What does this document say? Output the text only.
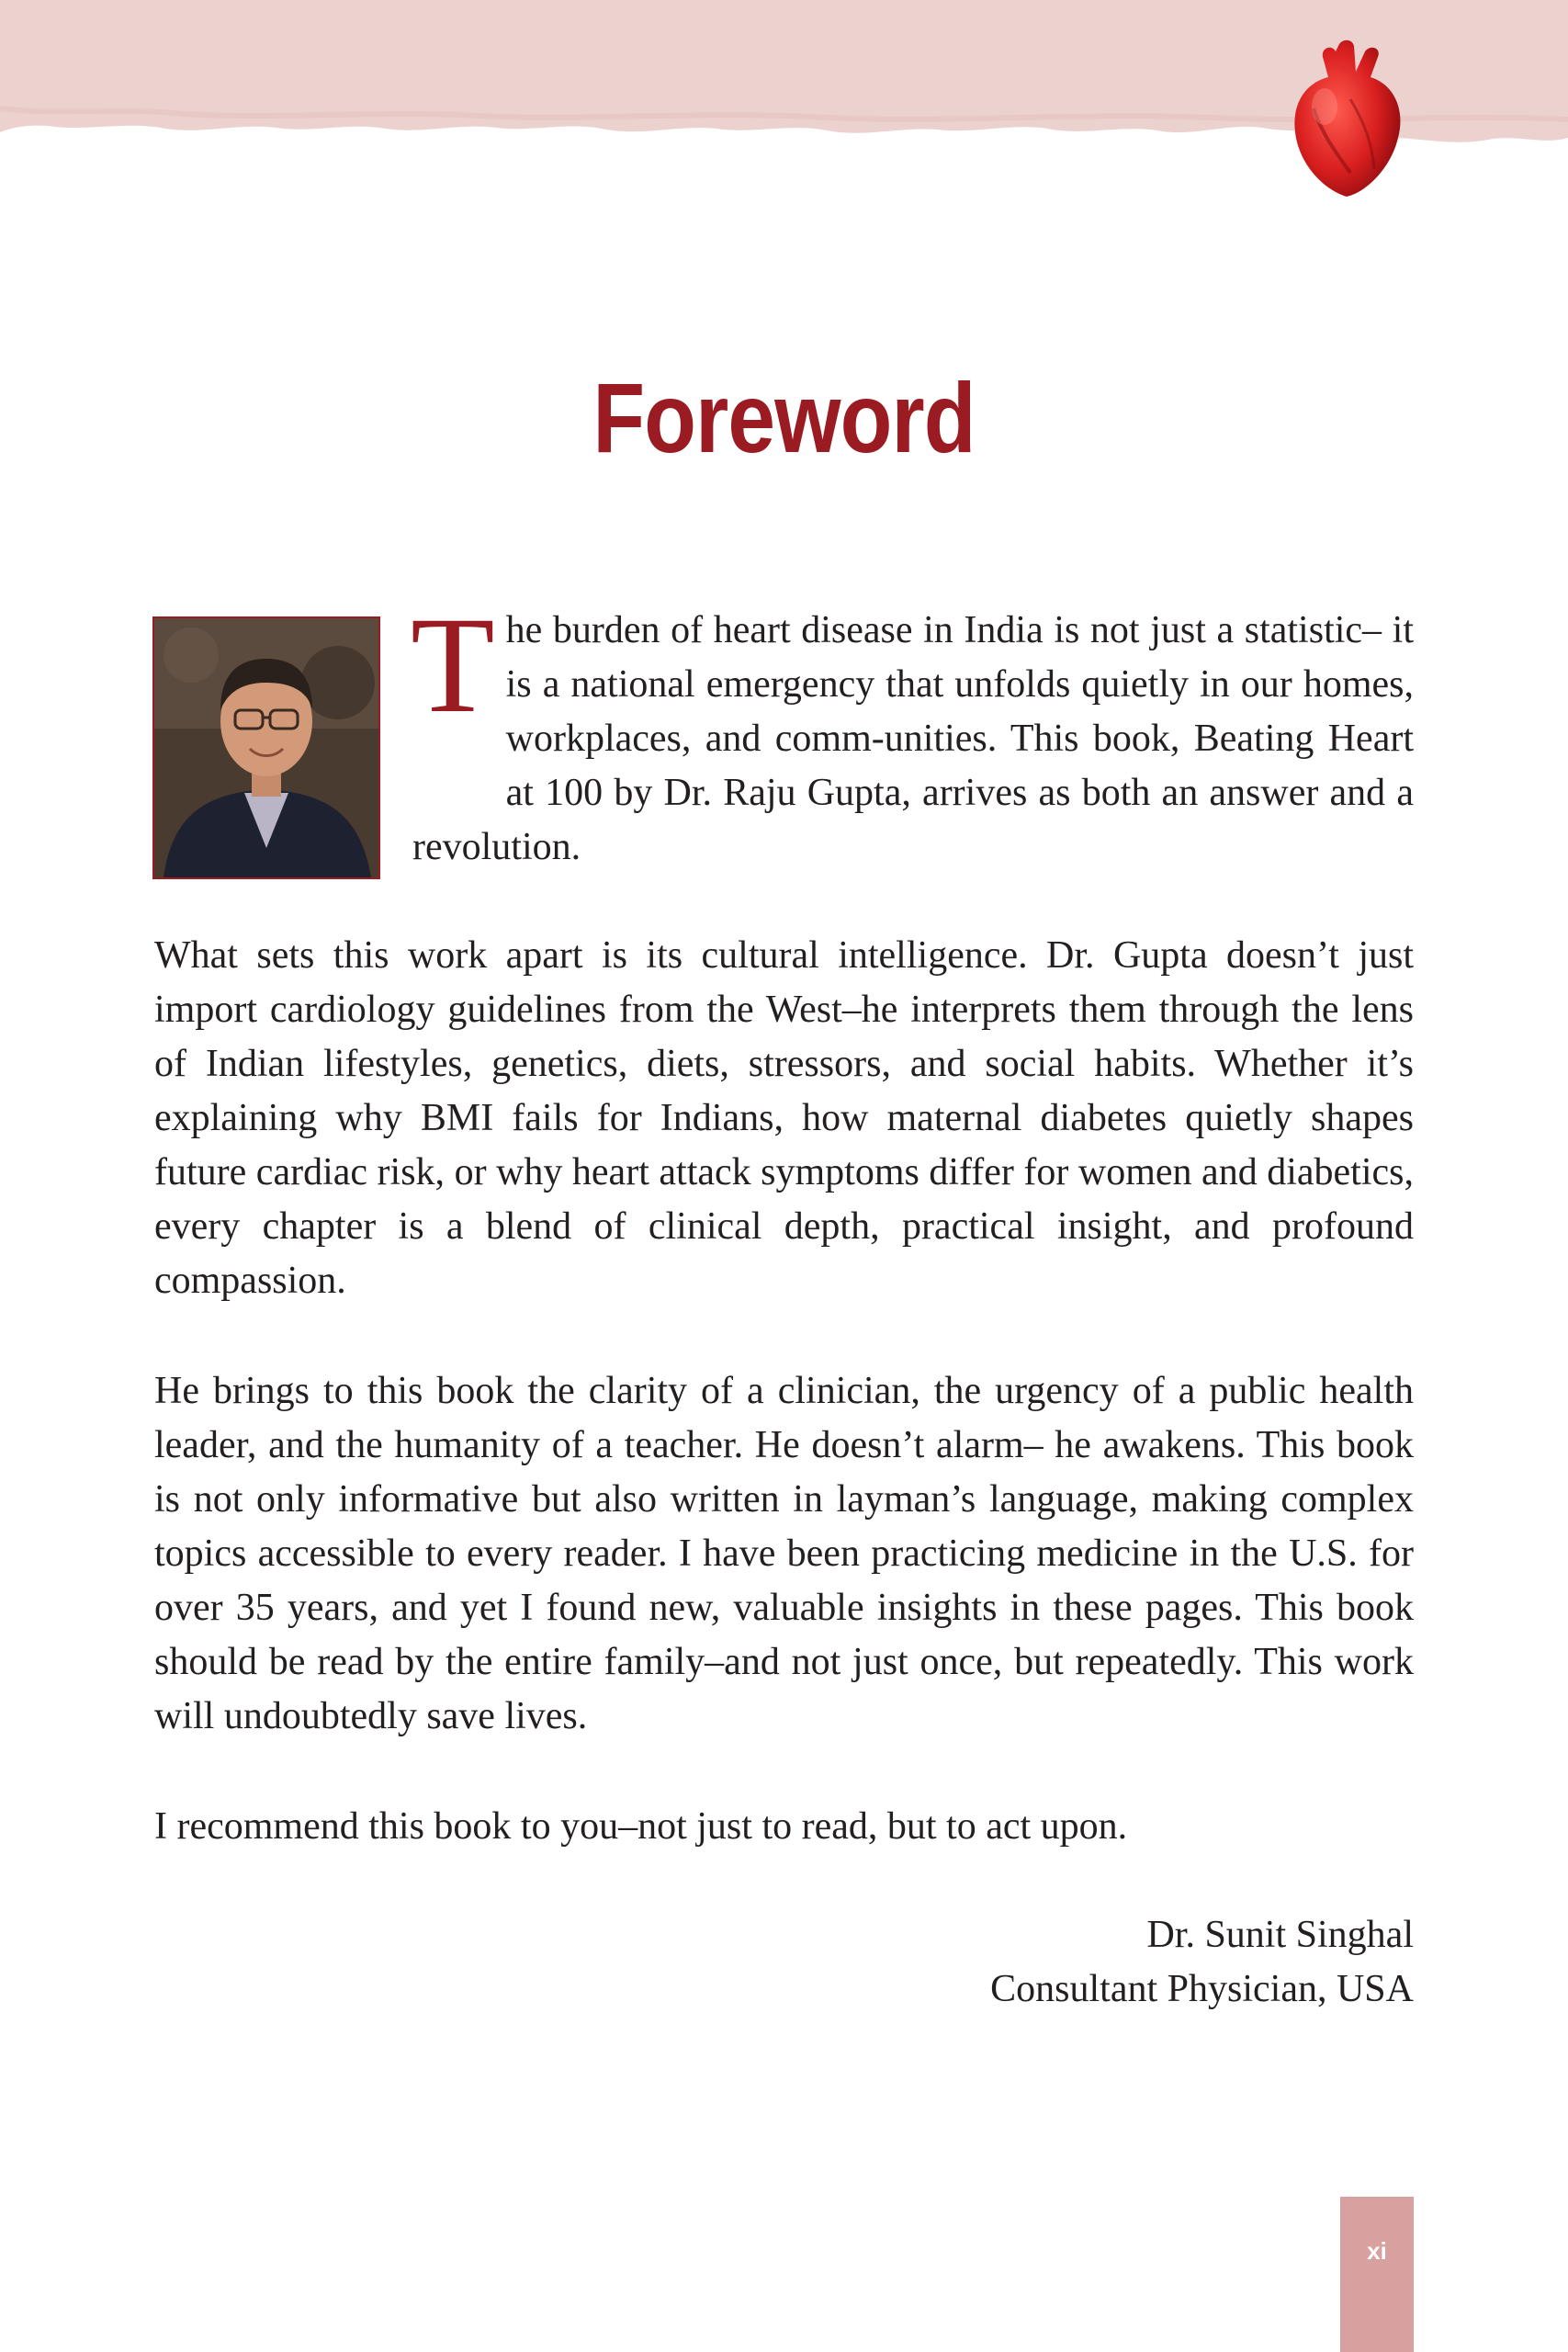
Foreword
The burden of heart disease in India is not just a statistic– it is a national emergency that unfolds quietly in our homes, workplaces, and comm-unities. This book, Beating Heart at 100 by Dr. Raju Gupta, arrives as both an answer and a revolution.
What sets this work apart is its cultural intelligence. Dr. Gupta doesn’t just import cardiology guidelines from the West–he interprets them through the lens of Indian lifestyles, genetics, diets, stressors, and social habits. Whether it’s explaining why BMI fails for Indians, how maternal diabetes quietly shapes future cardiac risk, or why heart attack symptoms differ for women and diabetics, every chapter is a blend of clinical depth, practical insight, and profound compassion.
He brings to this book the clarity of a clinician, the urgency of a public health leader, and the humanity of a teacher. He doesn’t alarm– he awakens. This book is not only informative but also written in layman’s language, making complex topics accessible to every reader. I have been practicing medicine in the U.S. for over 35 years, and yet I found new, valuable insights in these pages. This book should be read by the entire family–and not just once, but repeatedly. This work will undoubtedly save lives.
I recommend this book to you–not just to read, but to act upon.
Dr. Sunit Singhal
Consultant Physician, USA
xi
